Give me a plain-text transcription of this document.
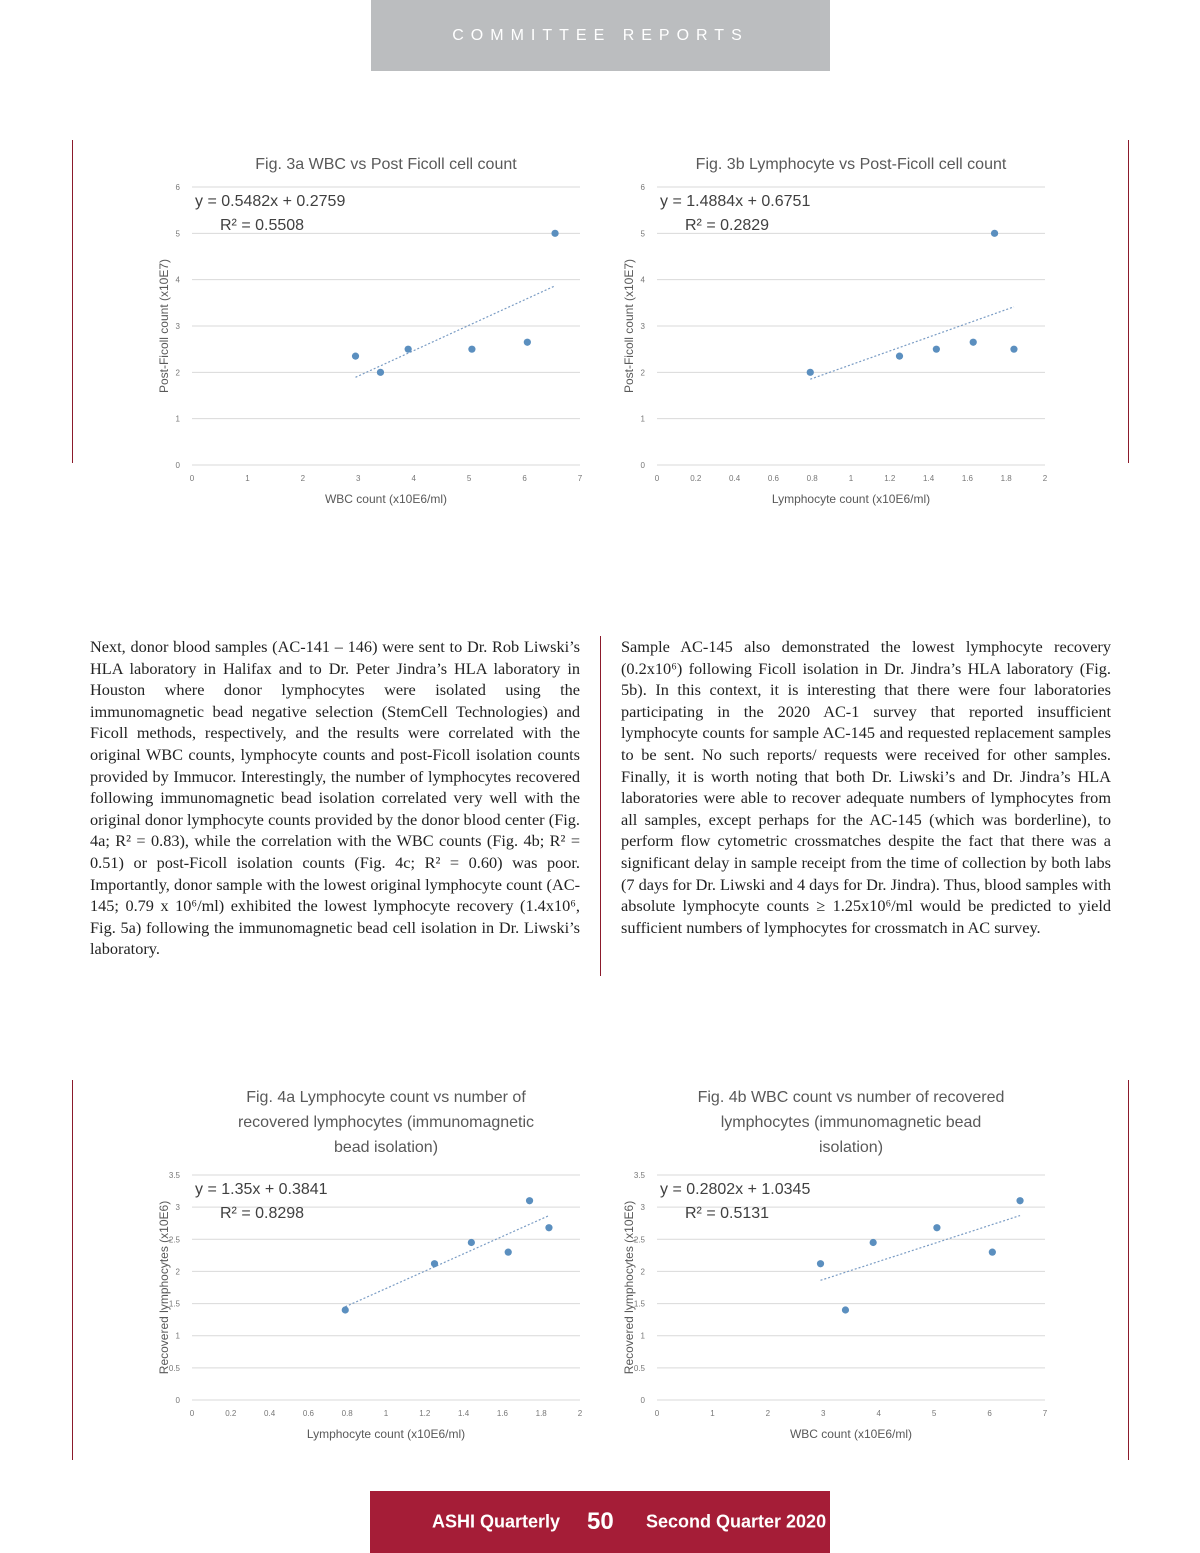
COMMITTEE REPORTS
Fig. 3a WBC vs Post Ficoll cell count
0
1
2
3
4
5
6
0	1	2	3	4	5	6	7
WBC count (x10E6/ml)
Post-Ficoll count (x10E7)
y = 0.5482x + 0.2759
R² = 0.5508
Fig. 3b Lymphocyte vs Post-Ficoll cell count
0
1
2
3
4
5
6
0	0.2	0.4	0.6	0.8	1	1.2	1.4	1.6	1.8	2
Lymphocyte count (x10E6/ml)
Post-Ficoll count (x10E7)
y = 1.4884x + 0.6751
R² = 0.2829
Fig. 4a Lymphocyte count vs number of
recovered lymphocytes (immunomagnetic
bead isolation)
0
0.5
1
1.5
2
2.5
3
3.5
0	0.2	0.4	0.6	0.8	1	1.2	1.4	1.6	1.8	2
Lymphocyte count (x10E6/ml)
Recovered lymphocytes (x10E6)
y = 1.35x + 0.3841
R² = 0.8298
Fig. 4b WBC count vs number of recovered
lymphocytes (immunomagnetic bead
isolation)
0
0.5
1
1.5
2
2.5
3
3.5
0	1	2	3	4	5	6	7
WBC count (x10E6/ml)
Recovered lymphocytes (x10E6)
y = 0.2802x + 1.0345
R² = 0.5131
Next, donor blood samples (AC-141 – 146) were sent to Dr. Rob Liwski’s HLA laboratory in Halifax and to Dr. Peter Jindra’s HLA laboratory in Houston where donor lymphocytes were isolated using the immunomagnetic bead negative selection (StemCell Technologies) and Ficoll methods, respectively, and the results were correlated with the original WBC counts, lymphocyte counts and post-Ficoll isolation counts provided by Immucor. Interestingly, the number of lymphocytes recovered following immunomagnetic bead isolation correlated very well with the original donor lymphocyte counts provided by the donor blood center (Fig. 4a; R² = 0.83), while the correlation with the WBC counts (Fig. 4b; R² = 0.51) or post-Ficoll isolation counts (Fig. 4c; R² = 0.60) was poor. Importantly, donor sample with the lowest original lymphocyte count (AC-145; 0.79 x 10⁶/ml) exhibited the lowest lymphocyte recovery (1.4x10⁶, Fig. 5a) following the immunomagnetic bead cell isolation in Dr. Liwski’s laboratory.
Sample AC-145 also demonstrated the lowest lymphocyte recovery (0.2x10⁶) following Ficoll isolation in Dr. Jindra’s HLA laboratory (Fig. 5b). In this context, it is interesting that there were four laboratories participating in the 2020 AC-1 survey that reported insufficient lymphocyte counts for sample AC-145 and requested replacement samples to be sent. No such reports/ requests were received for other samples. Finally, it is worth noting that both Dr. Liwski’s and Dr. Jindra’s HLA laboratories were able to recover adequate numbers of lymphocytes from all samples, except perhaps for the AC-145 (which was borderline), to perform flow cytometric crossmatches despite the fact that there was a significant delay in sample receipt from the time of collection by both labs (7 days for Dr. Liwski and 4 days for Dr. Jindra). Thus, blood samples with absolute lymphocyte counts ≥ 1.25x10⁶/ml would be predicted to yield sufficient numbers of lymphocytes for crossmatch in AC survey.
ASHI Quarterly 50 Second Quarter 2020
